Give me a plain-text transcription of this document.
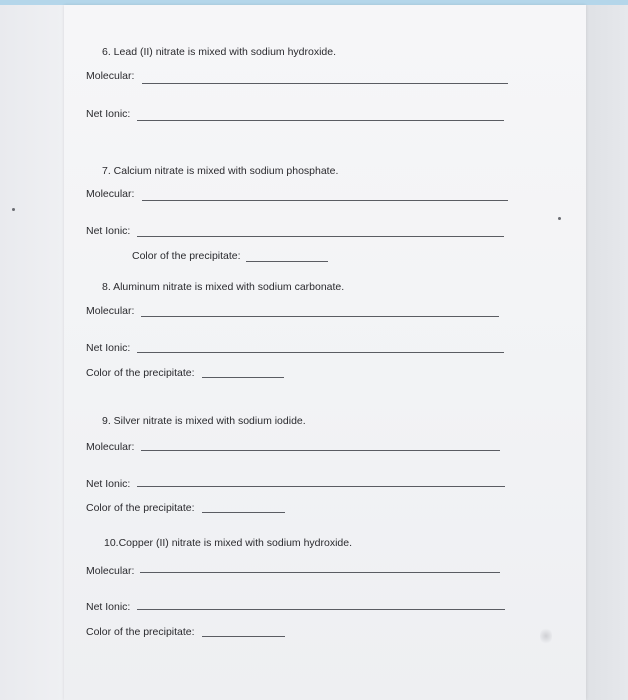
6. Lead (II) nitrate is mixed with sodium hydroxide.
Molecular:
Net Ionic:
7. Calcium nitrate is mixed with sodium phosphate.
Molecular:
Net Ionic:
Color of the precipitate:
8. Aluminum nitrate is mixed with sodium carbonate.
Molecular:
Net Ionic:
Color of the precipitate:
9. Silver nitrate is mixed with sodium iodide.
Molecular:
Net Ionic:
Color of the precipitate:
10.Copper (II) nitrate is mixed with sodium hydroxide.
Molecular:
Net Ionic:
Color of the precipitate:
